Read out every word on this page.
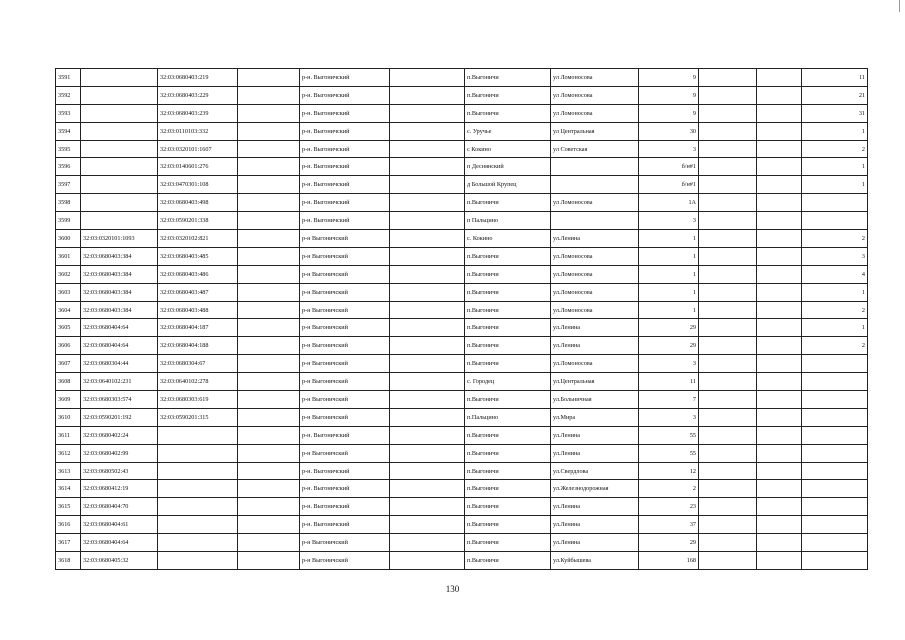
3591		32:03:0680403:219		р-н. Выгоничский		п.Выгоничи	ул Ломоносова	9			11
3592		32:03:0680403:229		р-н. Выгоничский		п.Выгоничи	ул Ломоносова	9			21
3593		32:03:0680403:239		р-н. Выгоничский		п.Выгоничи	ул Ломоносова	9			31
3594		32:03:0110103:332		р-н. Выгоничский		с. Уручье	ул Центральная	30			1
3595		32:03:0320101:1607		р-н. Выгоничский		с Кокино	ул Советская	3			2
3596		32:03:0140601:276		р-н. Выгоничский		п Деснянский		б/н#1			1
3597		32:03:0470301:108		р-н. Выгоничский		д Большой Крупец		б/н#1			1
3598		32:03:0680403:498		р-н. Выгоничский		п.Выгоничи	ул Ломоносова	1А			
3599		32:03:0590201:338		р-н. Выгоничский		п Пальцино		3			
3600	32:03:0320101:1093	32:03:0320102:821		р-н Выгоничский		с. Кокино	ул.Ленина	1			2
3601	32:03:0680403:384	32:03:0680403:485		р-н Выгоничский		п.Выгоничи	ул.Ломоносова	1			3
3602	32:03:0680403:384	32:03:0680403:486		р-н Выгоничский		п.Выгоничи	ул.Ломоносова	1			4
3603	32:03:0680403:384	32:03:0680403:487		р-н Выгоничский		п.Выгоничи	ул.Ломоносова	1			1
3604	32:03:0680403:384	32:03:0680403:488		р-н Выгоничский		п.Выгоничи	ул.Ломоносова	1			2
3605	32:03:0680404:64	32:03:0680404:187		р-н Выгоничский		п.Выгоничи	ул.Ленина	29			1
3606	32:03:0680404:64	32:03:0680404:188		р-н Выгоничский		п.Выгоничи	ул.Ленина	29			2
3607	32:03:0680304:44	32:03:0680304:67		р-н Выгоничский		п.Выгоничи	ул.Ломоносова	3			
3608	32:03:0640102:231	32:03:0640102:278		р-н Выгоничский		с. Городец	ул.Центральная	11			
3609	32:03:0680303:574	32:03:0680303:619		р-н Выгоничский		п.Выгоничи	ул.Больничная	7			
3610	32:03:0590201:192	32:03:0590201:315		р-н Выгоничский		п.Пальцино	ул.Мира	3			
3611	32:03:0680402:24			р-н. Выгоничский		п.Выгоничи	ул.Ленина	55			
3612	32:03:0680402:99			р-н Выгоничский		п.Выгоничи	ул.Ленина	55			
3613	32:03:0680502:43			р-н. Выгоничский		п.Выгоничи	ул.Свердлова	12			
3614	32:03:0680412:19			р-н. Выгоничский		п.Выгоничи	ул.Железнодорожная	2			
3615	32:03:0680404:70			р-н. Выгоничский		п.Выгоничи	ул.Ленина	23			
3616	32:03:0680404:61			р-н. Выгоничский		п.Выгоничи	ул.Ленина	37			
3617	32:03:0680404:64			р-н Выгоничский		п.Выгоничи	ул.Ленина	29			
3618	32:03:0680405:32			р-н Выгоничский		п.Выгоничи	ул.Куйбышева	168			
130
